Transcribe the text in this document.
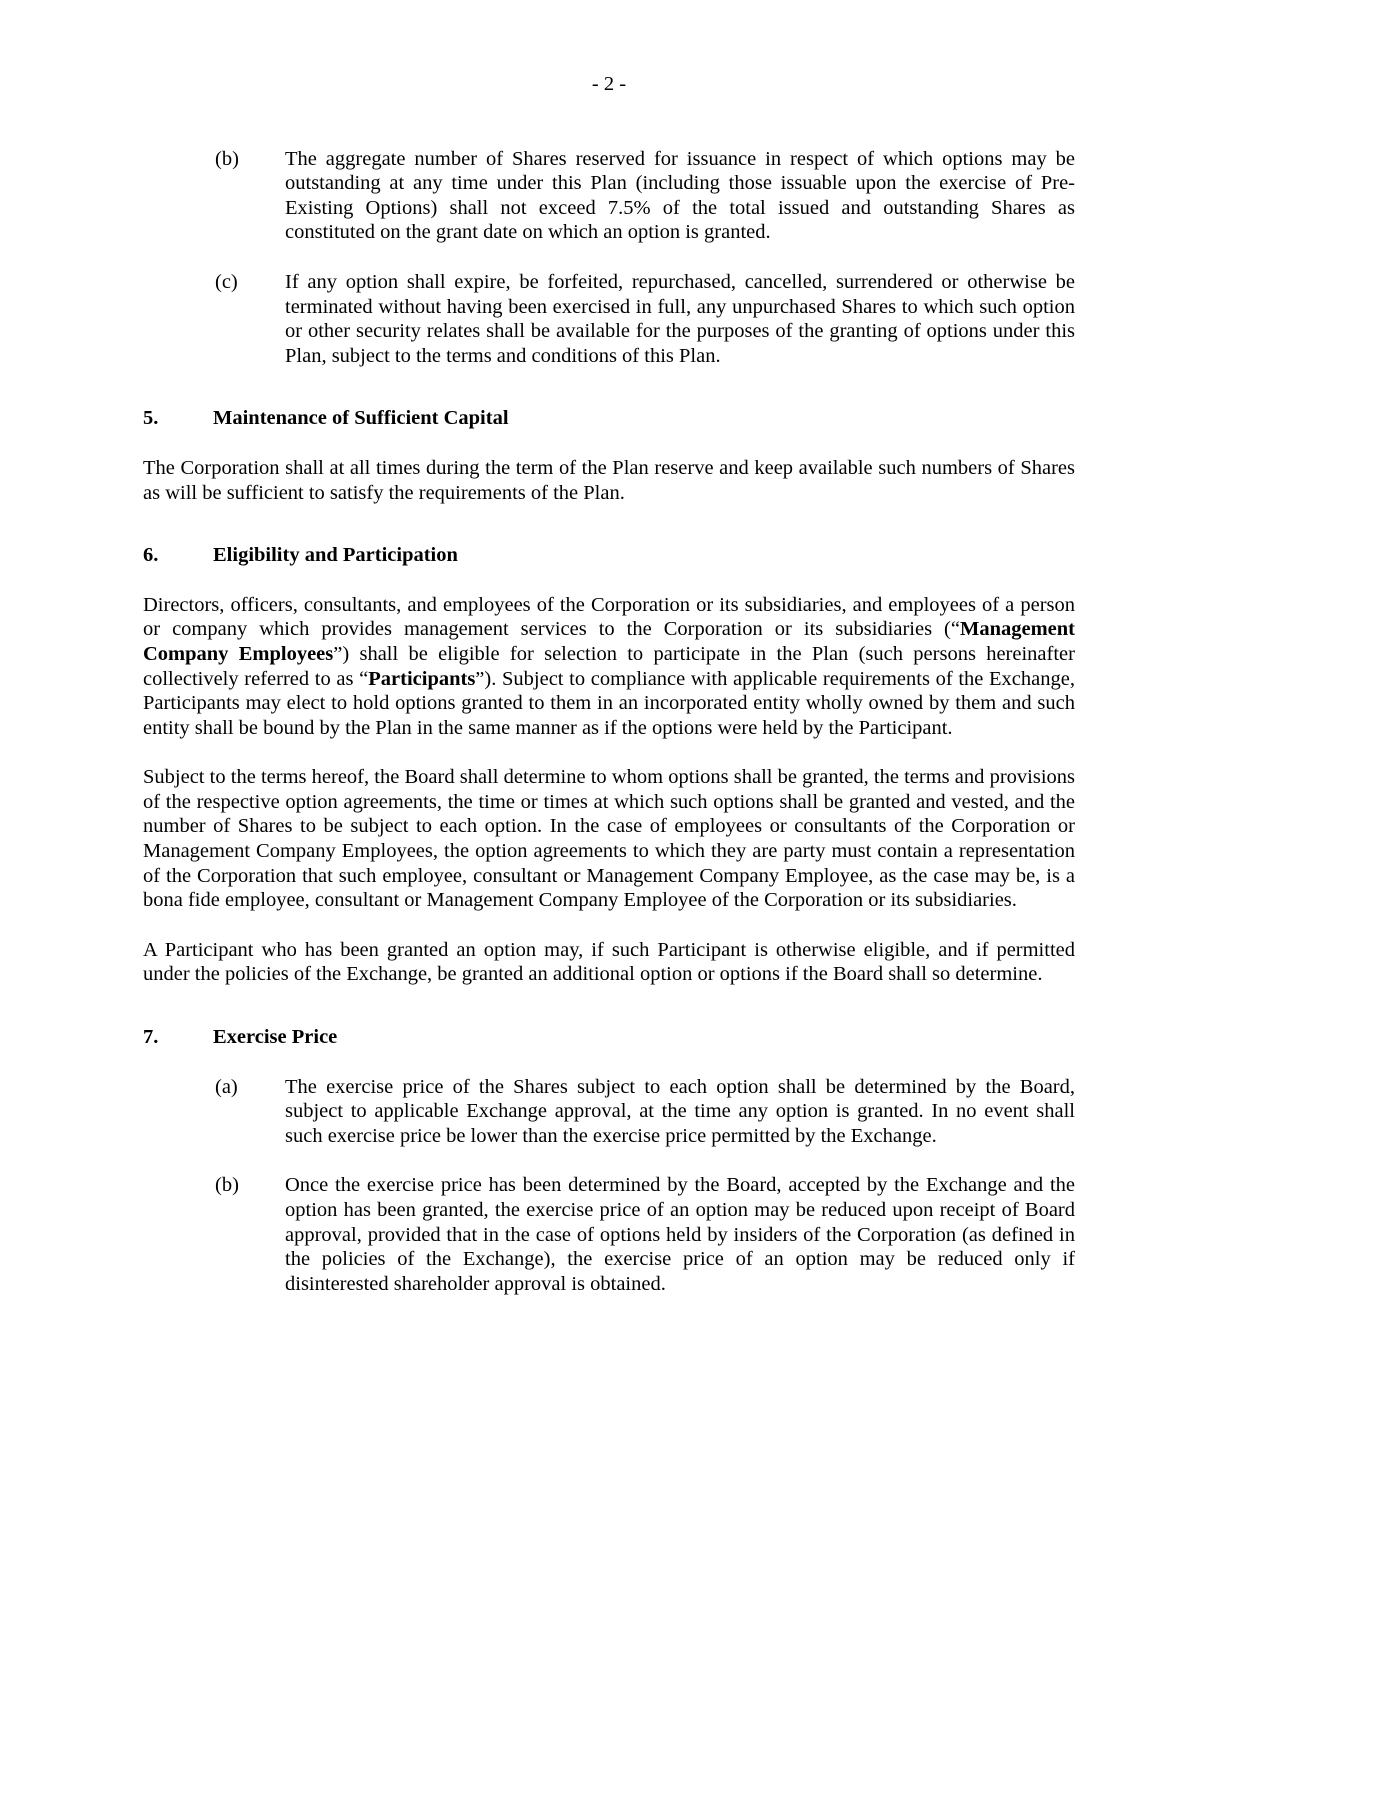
- 2 -
(b)	The aggregate number of Shares reserved for issuance in respect of which options may be outstanding at any time under this Plan (including those issuable upon the exercise of Pre-Existing Options) shall not exceed 7.5% of the total issued and outstanding Shares as constituted on the grant date on which an option is granted.

(c)	If any option shall expire, be forfeited, repurchased, cancelled, surrendered or otherwise be terminated without having been exercised in full, any unpurchased Shares to which such option or other security relates shall be available for the purposes of the granting of options under this Plan, subject to the terms and conditions of this Plan.

5.	Maintenance of Sufficient Capital

The Corporation shall at all times during the term of the Plan reserve and keep available such numbers of Shares as will be sufficient to satisfy the requirements of the Plan.

6.	Eligibility and Participation

Directors, officers, consultants, and employees of the Corporation or its subsidiaries, and employees of a person or company which provides management services to the Corporation or its subsidiaries (“Management Company Employees”) shall be eligible for selection to participate in the Plan (such persons hereinafter collectively referred to as “Participants”). Subject to compliance with applicable requirements of the Exchange, Participants may elect to hold options granted to them in an incorporated entity wholly owned by them and such entity shall be bound by the Plan in the same manner as if the options were held by the Participant.

Subject to the terms hereof, the Board shall determine to whom options shall be granted, the terms and provisions of the respective option agreements, the time or times at which such options shall be granted and vested, and the number of Shares to be subject to each option. In the case of employees or consultants of the Corporation or Management Company Employees, the option agreements to which they are party must contain a representation of the Corporation that such employee, consultant or Management Company Employee, as the case may be, is a bona fide employee, consultant or Management Company Employee of the Corporation or its subsidiaries.

A Participant who has been granted an option may, if such Participant is otherwise eligible, and if permitted under the policies of the Exchange, be granted an additional option or options if the Board shall so determine.

7.	Exercise Price
(a)	The exercise price of the Shares subject to each option shall be determined by the Board, subject to applicable Exchange approval, at the time any option is granted. In no event shall such exercise price be lower than the exercise price permitted by the Exchange.

(b)	Once the exercise price has been determined by the Board, accepted by the Exchange and the option has been granted, the exercise price of an option may be reduced upon receipt of Board approval, provided that in the case of options held by insiders of the Corporation (as defined in the policies of the Exchange), the exercise price of an option may be reduced only if disinterested shareholder approval is obtained.
